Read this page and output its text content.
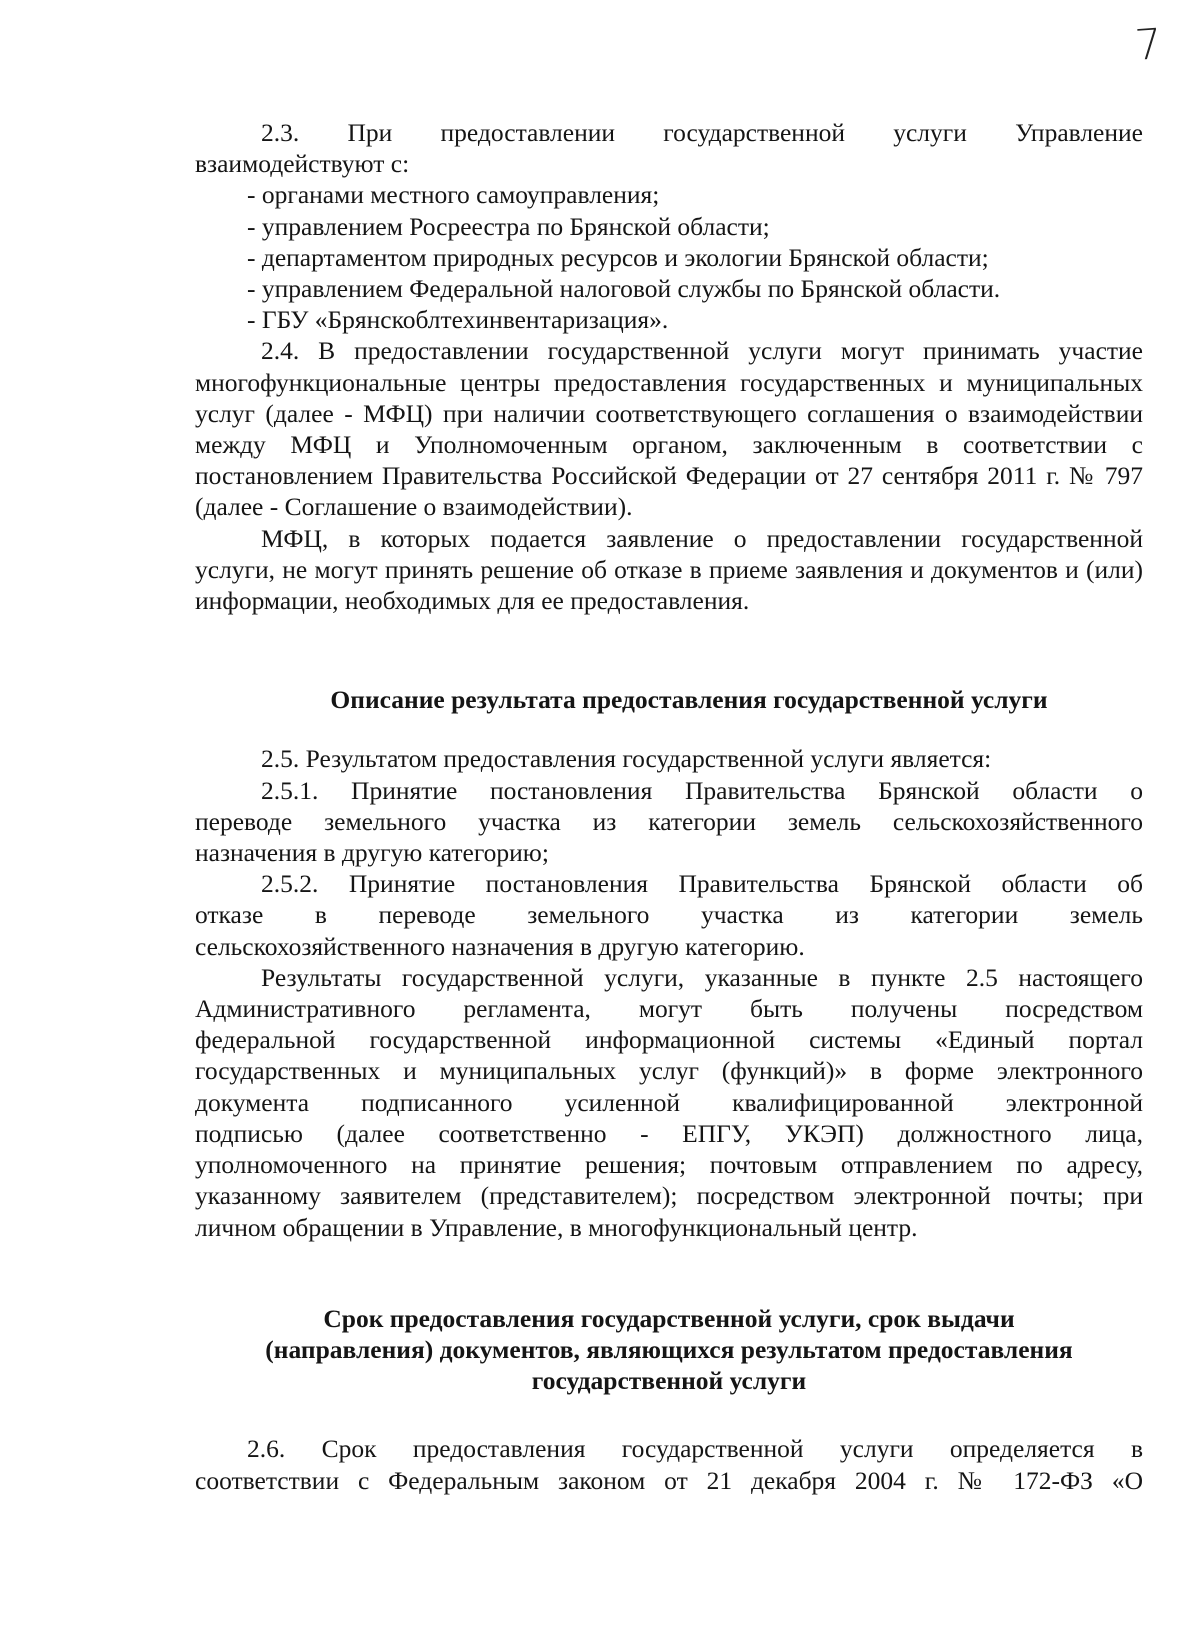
7
2.3. При предоставлении государственной услуги Управление
взаимодействуют с:
- органами местного самоуправления;
- управлением Росреестра по Брянской области;
- департаментом природных ресурсов и экологии Брянской области;
- управлением Федеральной налоговой службы по Брянской области.
- ГБУ «Брянскоблтехинвентаризация».
2.4. В предоставлении государственной услуги могут принимать участие
многофункциональные центры предоставления государственных и муниципальных
услуг (далее - МФЦ) при наличии соответствующего соглашения о взаимодействии
между МФЦ и Уполномоченным органом, заключенным в соответствии с
постановлением Правительства Российской Федерации от 27 сентября 2011 г. № 797
(далее - Соглашение о взаимодействии).
МФЦ, в которых подается заявление о предоставлении государственной
услуги, не могут принять решение об отказе в приеме заявления и документов и (или)
информации, необходимых для ее предоставления.
Описание результата предоставления государственной услуги
2.5. Результатом предоставления государственной услуги является:
2.5.1. Принятие постановления Правительства Брянской области о
переводе земельного участка из категории земель сельскохозяйственного
назначения в другую категорию;
2.5.2. Принятие постановления Правительства Брянской области об
отказе в переводе земельного участка из категории земель
сельскохозяйственного назначения в другую категорию.
Результаты государственной услуги, указанные в пункте 2.5 настоящего
Административного регламента, могут быть получены посредством
федеральной государственной информационной системы «Единый портал
государственных и муниципальных услуг (функций)» в форме электронного
документа подписанного усиленной квалифицированной электронной
подписью (далее соответственно - ЕПГУ, УКЭП) должностного лица,
уполномоченного на принятие решения; почтовым отправлением по адресу,
указанному заявителем (представителем); посредством электронной почты; при
личном обращении в Управление, в многофункциональный центр.
Срок предоставления государственной услуги, срок выдачи
(направления) документов, являющихся результатом предоставления
государственной услуги
2.6. Срок предоставления государственной услуги определяется в
соответствии с Федеральным законом от 21 декабря 2004 г. № 172-ФЗ «О
